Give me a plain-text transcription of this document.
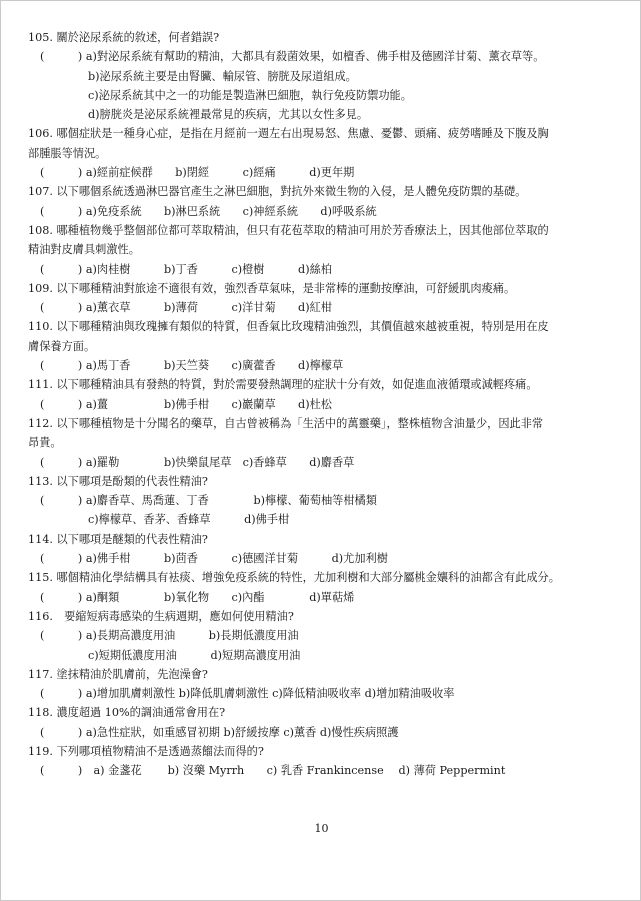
105. 關於泌尿系統的敘述，何者錯誤?
(　　　) a)對泌尿系統有幫助的精油，大都具有殺菌效果，如檀香、佛手柑及德國洋甘菊、薰衣草等。
b)泌尿系統主要是由腎臟、輸尿管、膀胱及尿道組成。
c)泌尿系統其中之一的功能是製造淋巴細胞，執行免疫防禦功能。
d)膀胱炎是泌尿系統裡最常見的疾病，尤其以女性多見。
106. 哪個症狀是一種身心症，是指在月經前一週左右出現易怒、焦慮、憂鬱、頭痛、疲勞嗜睡及下腹及胸
部腫脹等情況。
(　　　) a)經前症候群　　b)閉經　　　c)經痛　　　d)更年期
107. 以下哪個系統透過淋巴器官產生之淋巴細胞，對抗外來微生物的入侵，是人體免疫防禦的基礎。
(　　　) a)免疫系統　　b)淋巴系統　　c)神經系統　　d)呼吸系統
108. 哪種植物幾乎整個部位都可萃取精油，但只有花苞萃取的精油可用於芳香療法上，因其他部位萃取的
精油對皮膚具刺激性。
(　　　) a)肉桂樹　　　b)丁香　　　c)橙樹　　　d)絲柏
109. 以下哪種精油對旅途不適很有效，強烈香草氣味，是非常棒的運動按摩油，可舒緩肌肉痠痛。
(　　　) a)薰衣草　　　b)薄荷　　　c)洋甘菊　　d)紅柑
110. 以下哪種精油與玫瑰擁有類似的特質，但香氣比玫瑰精油強烈，其價值越來越被重視，特別是用在皮
膚保養方面。
(　　　) a)馬丁香　　　b)天竺葵　　c)廣藿香　　d)檸檬草
111. 以下哪種精油具有發熱的特質，對於需要發熱調理的症狀十分有效，如促進血液循環或減輕疼痛。
(　　　) a)薑　　　　　b)佛手柑　　c)巖蘭草　　d)杜松
112. 以下哪種植物是十分聞名的藥草，自古曾被稱為「生活中的萬靈藥」，整株植物含油量少，因此非常
昂貴。
(　　　) a)羅勒　　　　b)快樂鼠尾草　c)香蜂草　　d)麝香草
113. 以下哪項是酚類的代表性精油?
(　　　) a)麝香草、馬喬蓮、丁香　　　　b)檸檬、葡萄柚等柑橘類
c)檸檬草、香茅、香蜂草　　　d)佛手柑
114. 以下哪項是醚類的代表性精油?
(　　　) a)佛手柑　　　b)茴香　　　c)德國洋甘菊　　　d)尤加利樹
115. 哪個精油化學結構具有袪痰、增強免疫系統的特性，尤加利樹和大部分屬桃金孃科的油都含有此成分。
(　　　) a)酮類　　　　b)氧化物　　c)內酯　　　　d)單萜烯
116.　要縮短病毒感染的生病週期，應如何使用精油?
(　　　) a)長期高濃度用油　　　b)長期低濃度用油
c)短期低濃度用油　　　d)短期高濃度用油
117. 塗抹精油於肌膚前，先泡澡會?
(　　　) a)增加肌膚刺激性 b)降低肌膚刺激性 c)降低精油吸收率 d)增加精油吸收率
118. 濃度超過 10%的調油通常會用在?
(　　　) a)急性症狀，如重感冒初期 b)舒緩按摩 c)薰香 d)慢性疾病照護
119. 下列哪項植物精油不是透過蒸餾法而得的?
(　　　)　a) 金盞花　　 b) 沒藥 Myrrh　　c) 乳香 Frankincense　 d) 薄荷 Peppermint
10
